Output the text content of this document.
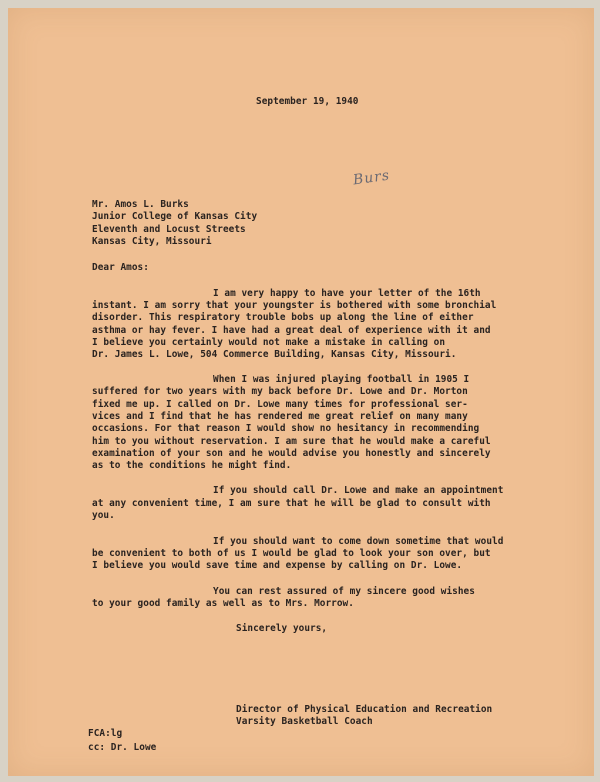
September 19, 1940
Burs
Mr. Amos L. Burks
Junior College of Kansas City
Eleventh and Locust Streets
Kansas City, Missouri
Dear Amos:
I am very happy to have your letter of the 16th
instant. I am sorry that your youngster is bothered with some bronchial
disorder. This respiratory trouble bobs up along the line of either
asthma or hay fever. I have had a great deal of experience with it and
I believe you certainly would not make a mistake in calling on
Dr. James L. Lowe, 504 Commerce Building, Kansas City, Missouri.
When I was injured playing football in 1905 I
suffered for two years with my back before Dr. Lowe and Dr. Morton
fixed me up. I called on Dr. Lowe many times for professional ser-
vices and I find that he has rendered me great relief on many many
occasions. For that reason I would show no hesitancy in recommending
him to you without reservation. I am sure that he would make a careful
examination of your son and he would advise you honestly and sincerely
as to the conditions he might find.
If you should call Dr. Lowe and make an appointment
at any convenient time, I am sure that he will be glad to consult with
you.
If you should want to come down sometime that would
be convenient to both of us I would be glad to look your son over, but
I believe you would save time and expense by calling on Dr. Lowe.
You can rest assured of my sincere good wishes
to your good family as well as to Mrs. Morrow.
Sincerely yours,
Director of Physical Education and Recreation
Varsity Basketball Coach
FCA:lg
cc: Dr. Lowe
